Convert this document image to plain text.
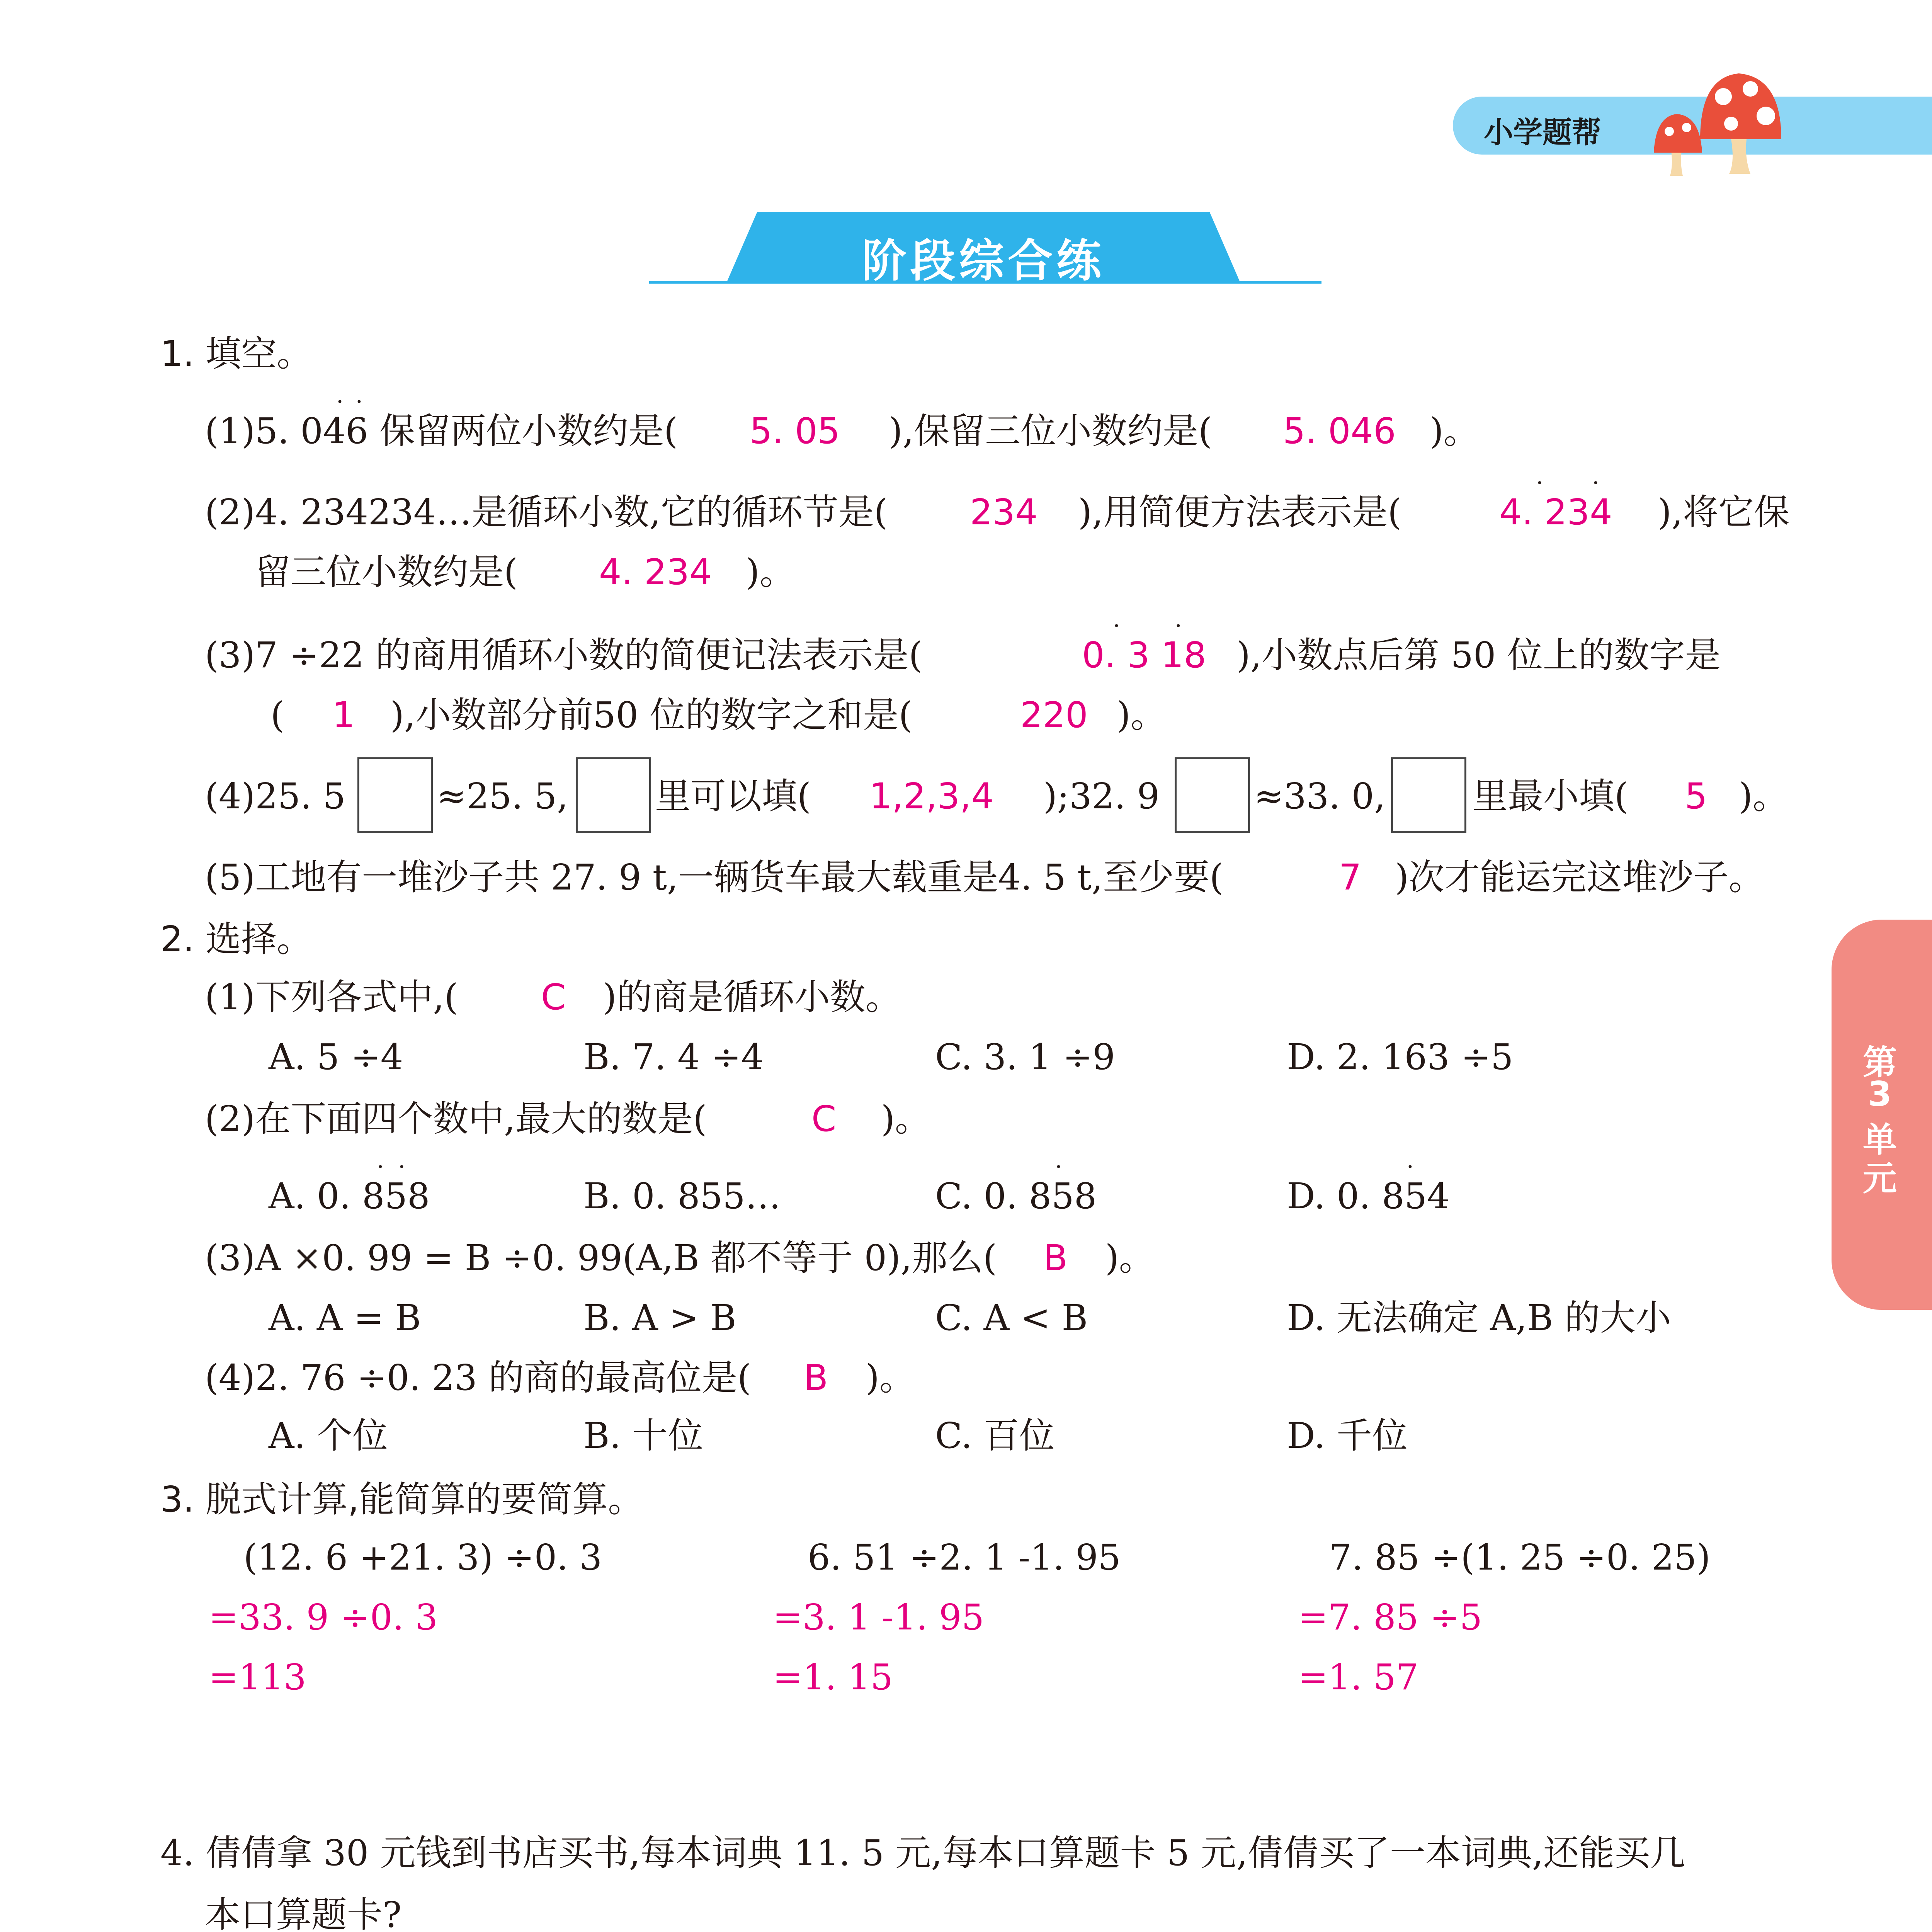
小学题帮
阶段综合练
第
3
单
元
1. 填空。
(1)5. 046 保留两位小数约是(
· ·
5. 05 ),保留三位小数约是( 5. 046 )。
(2)4. 234234…是循环小数,它的循环节是( 234 ),用简便方法表示是(
· ·
4. 234 ),将它保
留三位小数约是( 4. 234 )。
(3)7 ÷22 的商用循环小数的简便记法表示是(
· ·
0. 3 18 ),小数点后第 50 位上的数字是
( 1 ),小数部分前50 位的数字之和是(	220 )。
(4)25. 5	≈25. 5, 里可以填( 1,2,3,4 );32. 9	≈33. 0, 里最小填( 5 )。
(5)工地有一堆沙子共 27. 9 t,一辆货车最大载重是4. 5 t,至少要(	7 )次才能运完这堆沙子。
2. 选择。
(1)下列各式中,( C )的商是循环小数。
A. 5 ÷4	B. 7. 4 ÷4	C. 3. 1 ÷9	D. 2. 163 ÷5
(2)在下面四个数中,最大的数是(	C )。
· ·	·	·
A. 0. 858	B. 0. 855…	C. 0. 858	D. 0. 854
(3)A ×0. 99 = B ÷0. 99(A,B 都不等于 0),那么( B )。
A. A = B	B. A > B	C. A < B	D. 无法确定 A,B 的大小
(4)2. 76 ÷0. 23 的商的最高位是( B )。
A. 个位	B. 十位	C. 百位	D. 千位
3. 脱式计算,能简算的要简算。
(12. 6 +21. 3) ÷0. 3	6. 51 ÷2. 1 -1. 95	7. 85 ÷(1. 25 ÷0. 25)
=33. 9 ÷0. 3	=3. 1 -1. 95	=7. 85 ÷5
=113	=1. 15	=1. 57
4. 倩倩拿 30 元钱到书店买书,每本词典 11. 5 元,每本口算题卡 5 元,倩倩买了一本词典,还能买几
本口算题卡?
